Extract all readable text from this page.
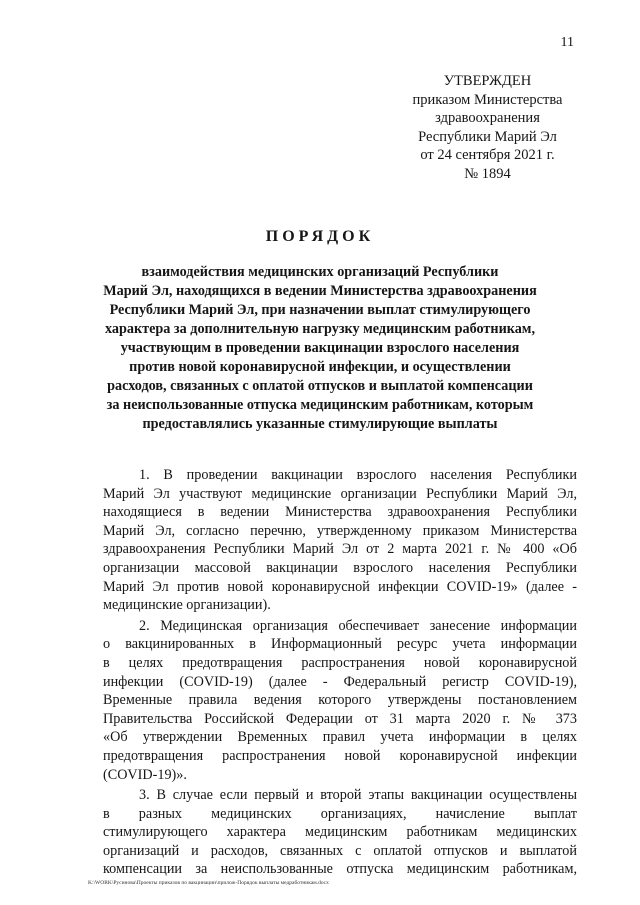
11
УТВЕРЖДЕН
приказом Министерства
здравоохранения
Республики Марий Эл
от 24 сентября 2021 г.
№ 1894
ПОРЯДОК
взаимодействия медицинских организаций Республики
Марий Эл, находящихся в ведении Министерства здравоохранения
Республики Марий Эл, при назначении выплат стимулирующего
характера за дополнительную нагрузку медицинским работникам,
участвующим в проведении вакцинации взрослого населения
против новой коронавирусной инфекции, и осуществлении
расходов, связанных с оплатой отпусков и выплатой компенсации
за неиспользованные отпуска медицинским работникам, которым
предоставлялись указанные стимулирующие выплаты
1. В проведении вакцинации взрослого населения Республики
Марий Эл участвуют медицинские организации Республики Марий Эл,
находящиеся в ведении Министерства здравоохранения Республики
Марий Эл, согласно перечню, утвержденному приказом Министерства
здравоохранения Республики Марий Эл от 2 марта 2021 г. № 400 «Об
организации массовой вакцинации взрослого населения Республики
Марий Эл против новой коронавирусной инфекции COVID-19» (далее -
медицинские организации).
2. Медицинская организация обеспечивает занесение информации
о вакцинированных в Информационный ресурс учета информации
в целях предотвращения распространения новой коронавирусной
инфекции (COVID-19) (далее - Федеральный регистр COVID-19),
Временные правила ведения которого утверждены постановлением
Правительства Российской Федерации от 31 марта 2020 г. № 373
«Об утверждении Временных правил учета информации в целях
предотвращения распространения новой коронавирусной инфекции
(COVID-19)».
3. В случае если первый и второй этапы вакцинации осуществлены
в разных медицинских организациях, начисление выплат
стимулирующего характера медицинским работникам медицинских
организаций и расходов, связанных с оплатой отпусков и выплатой
компенсации за неиспользованные отпуска медицинским работникам,
K:\WORK\Русинова\Проекты приказов по вакцинации\прилож-Порядок выплаты медработникам.docx
